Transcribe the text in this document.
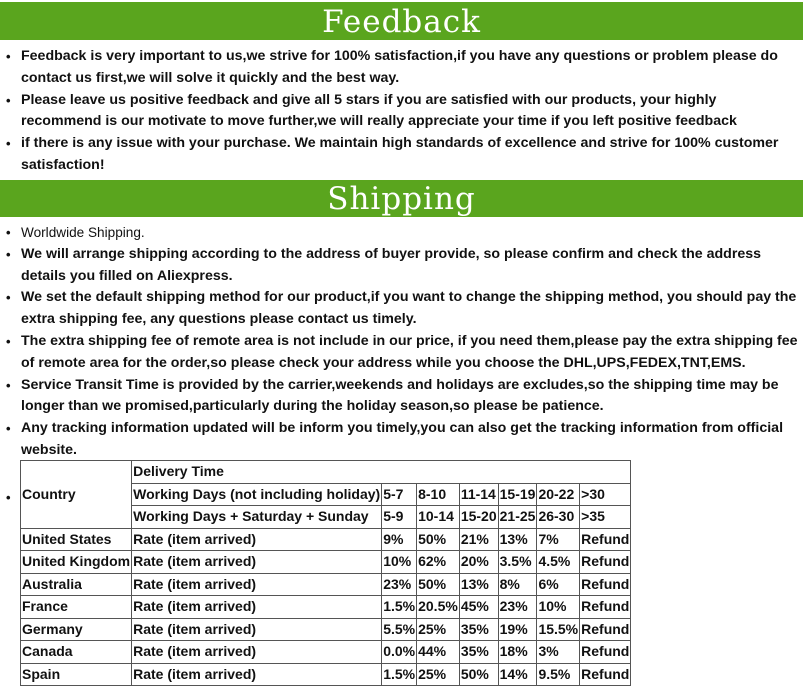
Feedback
• Feedback is very important to us,we strive for 100% satisfaction,if you have any questions or problem please do contact us first,we will solve it quickly and the best way.
• Please leave us positive feedback and give all 5 stars if you are satisfied with our products, your highly recommend is our motivate to move further,we will really appreciate your time if you left positive feedback
• if there is any issue with your purchase. We maintain high standards of excellence and strive for 100% customer satisfaction!
Shipping
• Worldwide Shipping.
• We will arrange shipping according to the address of buyer provide, so please confirm and check the address details you filled on Aliexpress.
• We set the default shipping method for our product,if you want to change the shipping method, you should pay the extra shipping fee, any questions please contact us timely.
• The extra shipping fee of remote area is not include in our price, if you need them,please pay the extra shipping fee of remote area for the order,so please check your address while you choose the DHL,UPS,FEDEX,TNT,EMS.
• Service Transit Time is provided by the carrier,weekends and holidays are excludes,so the shipping time may be longer than we promised,particularly during the holiday season,so please be patience.
• Any tracking information updated will be inform you timely,you can also get the tracking information from official website.
• Country	Delivery Time						
	Working Days (not including holiday)	5-7	8-10	11-14	15-19	20-22	>30
	Working Days + Saturday + Sunday	5-9	10-14	15-20	21-25	26-30	>35
United States	Rate (item arrived)	9%	50%	21%	13%	7%	Refund
United Kingdom	Rate (item arrived)	10%	62%	20%	3.5%	4.5%	Refund
Australia	Rate (item arrived)	23%	50%	13%	8%	6%	Refund
France	Rate (item arrived)	1.5%	20.5%	45%	23%	10%	Refund
Germany	Rate (item arrived)	5.5%	25%	35%	19%	15.5%	Refund
Canada	Rate (item arrived)	0.0%	44%	35%	18%	3%	Refund
Spain	Rate (item arrived)	1.5%	25%	50%	14%	9.5%	Refund
